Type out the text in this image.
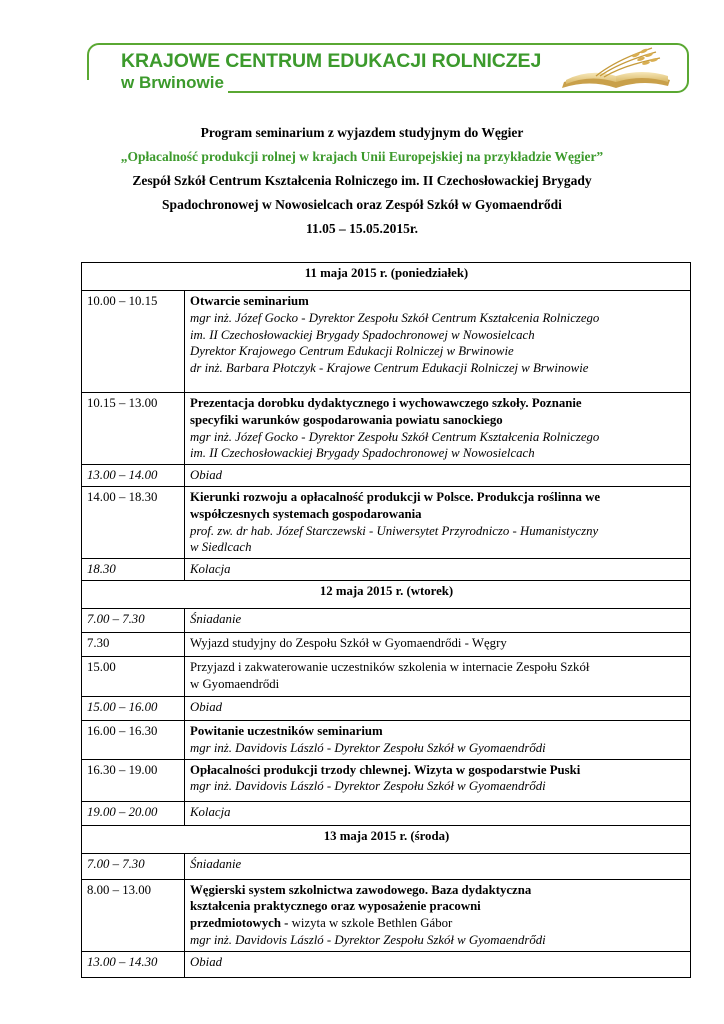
KRAJOWE CENTRUM EDUKACJI ROLNICZEJ
w Brwinowie
Program seminarium z wyjazdem studyjnym do Węgier
„Opłacalność produkcji rolnej w krajach Unii Europejskiej na przykładzie Węgier”
Zespół Szkół Centrum Kształcenia Rolniczego im. II Czechosłowackiej Brygady
Spadochronowej w Nowosielcach oraz Zespół Szkół w Gyomaendrődi
11.05 – 15.05.2015r.
11 maja 2015 r. (poniedziałek)	
10.00 – 10.15	Otwarcie seminarium
mgr inż. Józef Gocko - Dyrektor Zespołu Szkół Centrum Kształcenia Rolniczego
im. II Czechosłowackiej Brygady Spadochronowej w Nowosielcach
Dyrektor Krajowego Centrum Edukacji Rolniczej w Brwinowie
dr inż. Barbara Płotczyk - Krajowe Centrum Edukacji Rolniczej w Brwinowie

10.15 – 13.00	Prezentacja dorobku dydaktycznego i wychowawczego szkoły. Poznanie
specyfiki warunków gospodarowania powiatu sanockiego
mgr inż. Józef Gocko - Dyrektor Zespołu Szkół Centrum Kształcenia Rolniczego
im. II Czechosłowackiej Brygady Spadochronowej w Nowosielcach

13.00 – 14.00	Obiad
14.00 – 18.30	Kierunki rozwoju a opłacalność produkcji w Polsce. Produkcja roślinna we
współczesnych systemach gospodarowania
prof. zw. dr hab. Józef Starczewski - Uniwersytet Przyrodniczo - Humanistyczny
w Siedlcach

18.30	Kolacja
12 maja 2015 r. (wtorek)	
7.00 – 7.30	Śniadanie
7.30	Wyjazd studyjny do Zespołu Szkół w Gyomaendrődi - Węgry
15.00	Przyjazd i zakwaterowanie uczestników szkolenia w internacie Zespołu Szkół
w Gyomaendrődi

15.00 – 16.00	Obiad
16.00 – 16.30	Powitanie uczestników seminarium
mgr inż. Davidovis László - Dyrektor Zespołu Szkół w Gyomaendrődi

16.30 – 19.00	Opłacalności produkcji trzody chlewnej. Wizyta w gospodarstwie Puski
mgr inż. Davidovis László - Dyrektor Zespołu Szkół w Gyomaendrődi

19.00 – 20.00	Kolacja
13 maja 2015 r. (środa)	
7.00 – 7.30	Śniadanie
8.00 – 13.00	Węgierski system szkolnictwa zawodowego. Baza dydaktyczna
kształcenia praktycznego oraz wyposażenie pracowni
przedmiotowych - wizyta w szkole Bethlen Gábor
mgr inż. Davidovis László - Dyrektor Zespołu Szkół w Gyomaendrődi

13.00 – 14.30	Obiad
